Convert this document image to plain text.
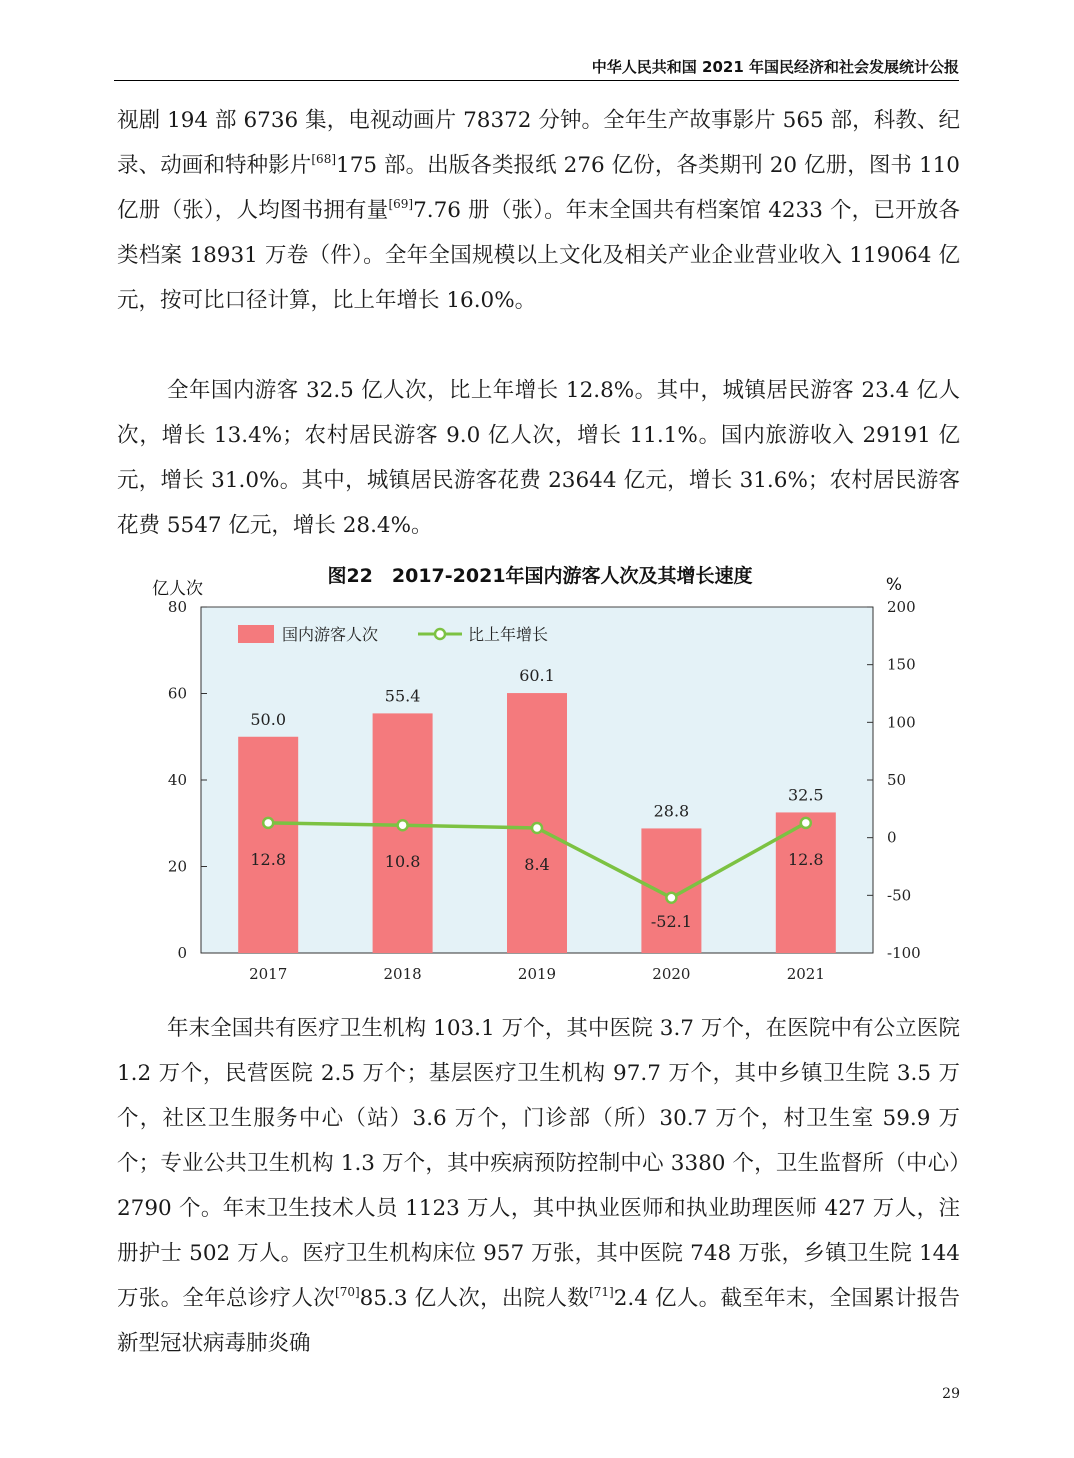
中华人民共和国 2021 年国民经济和社会发展统计公报

视剧 194 部 6736 集，电视动画片 78372 分钟。全年生产故事影片 565 部，科教、纪录、动画和特种影片[68]175 部。出版各类报纸 276 亿份，各类期刊 20 亿册，图书 110 亿册（张），人均图书拥有量[69]7.76 册（张）。年末全国共有档案馆 4233 个，已开放各类档案 18931 万卷（件）。全年全国规模以上文化及相关产业企业营业收入 119064 亿元，按可比口径计算，比上年增长 16.0%。

全年国内游客 32.5 亿人次，比上年增长 12.8%。其中，城镇居民游客 23.4 亿人次，增长 13.4%；农村居民游客 9.0 亿人次，增长 11.1%。国内旅游收入 29191 亿元，增长 31.0%。其中，城镇居民游客花费 23644 亿元，增长 31.6%；农村居民游客花费 5547 亿元，增长 28.4%。

图22　2017-2021年国内游客人次及其增长速度
亿人次	%
0
20
40
60
80
-100
-50
0
50
100
150
200
50.0
55.4
60.1
28.8
32.5
2017	2018	2019	2020	2021
12.8	10.8	8.4
-52.1
12.8
国内游客人次	比上年增长

年末全国共有医疗卫生机构 103.1 万个，其中医院 3.7 万个，在医院中有公立医院 1.2 万个，民营医院 2.5 万个；基层医疗卫生机构 97.7 万个，其中乡镇卫生院 3.5 万个，社区卫生服务中心（站）3.6 万个，门诊部（所）30.7 万个，村卫生室 59.9 万个；专业公共卫生机构 1.3 万个，其中疾病预防控制中心 3380 个，卫生监督所（中心）2790 个。年末卫生技术人员 1123 万人，其中执业医师和执业助理医师 427 万人，注册护士 502 万人。医疗卫生机构床位 957 万张，其中医院 748 万张，乡镇卫生院 144 万张。全年总诊疗人次[70]85.3 亿人次，出院人数[71]2.4 亿人。截至年末，全国累计报告新型冠状病毒肺炎确

29
